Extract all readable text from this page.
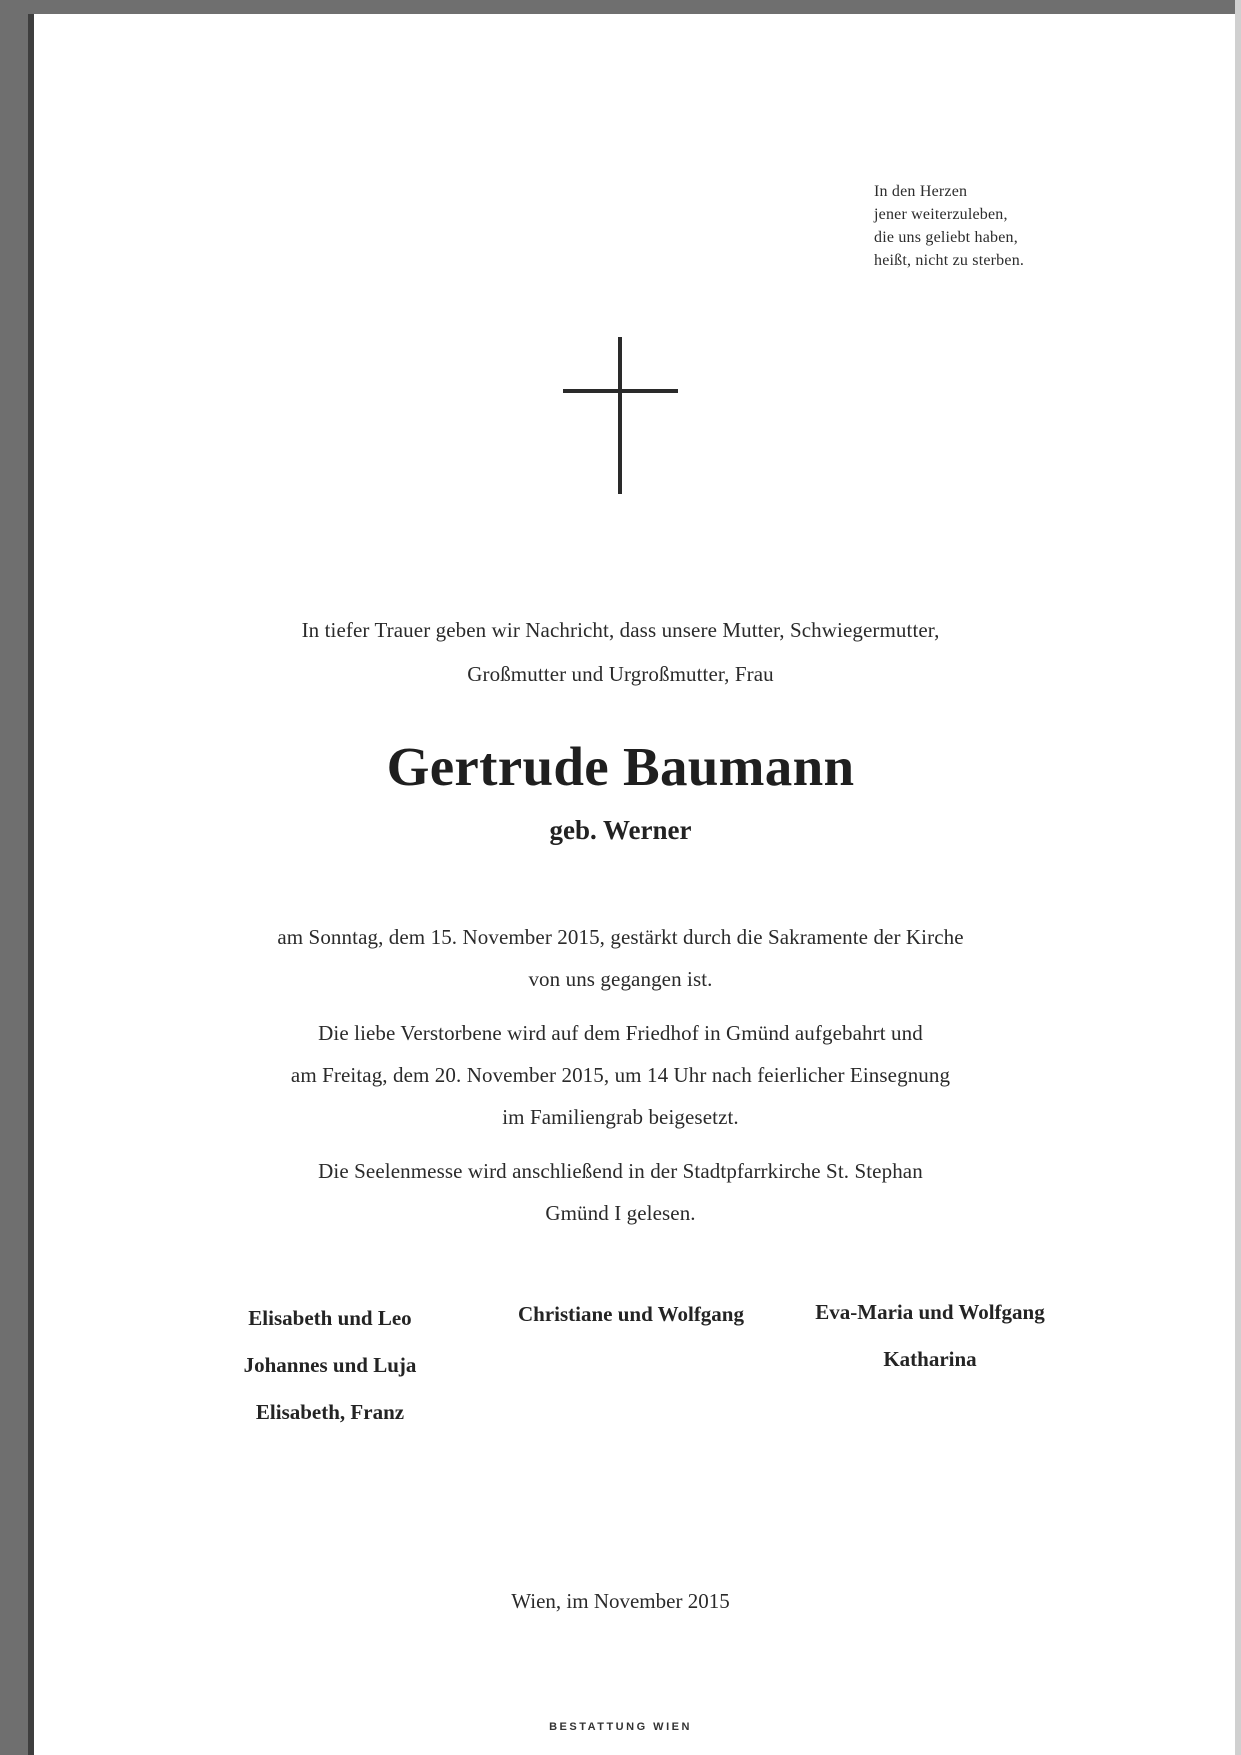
In den Herzen
jener weiterzuleben,
die uns geliebt haben,
heißt, nicht zu sterben.
In tiefer Trauer geben wir Nachricht, dass unsere Mutter, Schwiegermutter,
Großmutter und Urgroßmutter, Frau
Gertrude Baumann
geb. Werner
am Sonntag, dem 15. November 2015, gestärkt durch die Sakramente der Kirche
von uns gegangen ist.
Die liebe Verstorbene wird auf dem Friedhof in Gmünd aufgebahrt und
am Freitag, dem 20. November 2015, um 14 Uhr nach feierlicher Einsegnung
im Familiengrab beigesetzt.
Die Seelenmesse wird anschließend in der Stadtpfarrkirche St. Stephan
Gmünd I gelesen.
Elisabeth und Leo
Johannes und Luja
Elisabeth, Franz
Christiane und Wolfgang	Eva-Maria und Wolfgang
Katharina
Wien, im November 2015
BESTATTUNG WIEN
